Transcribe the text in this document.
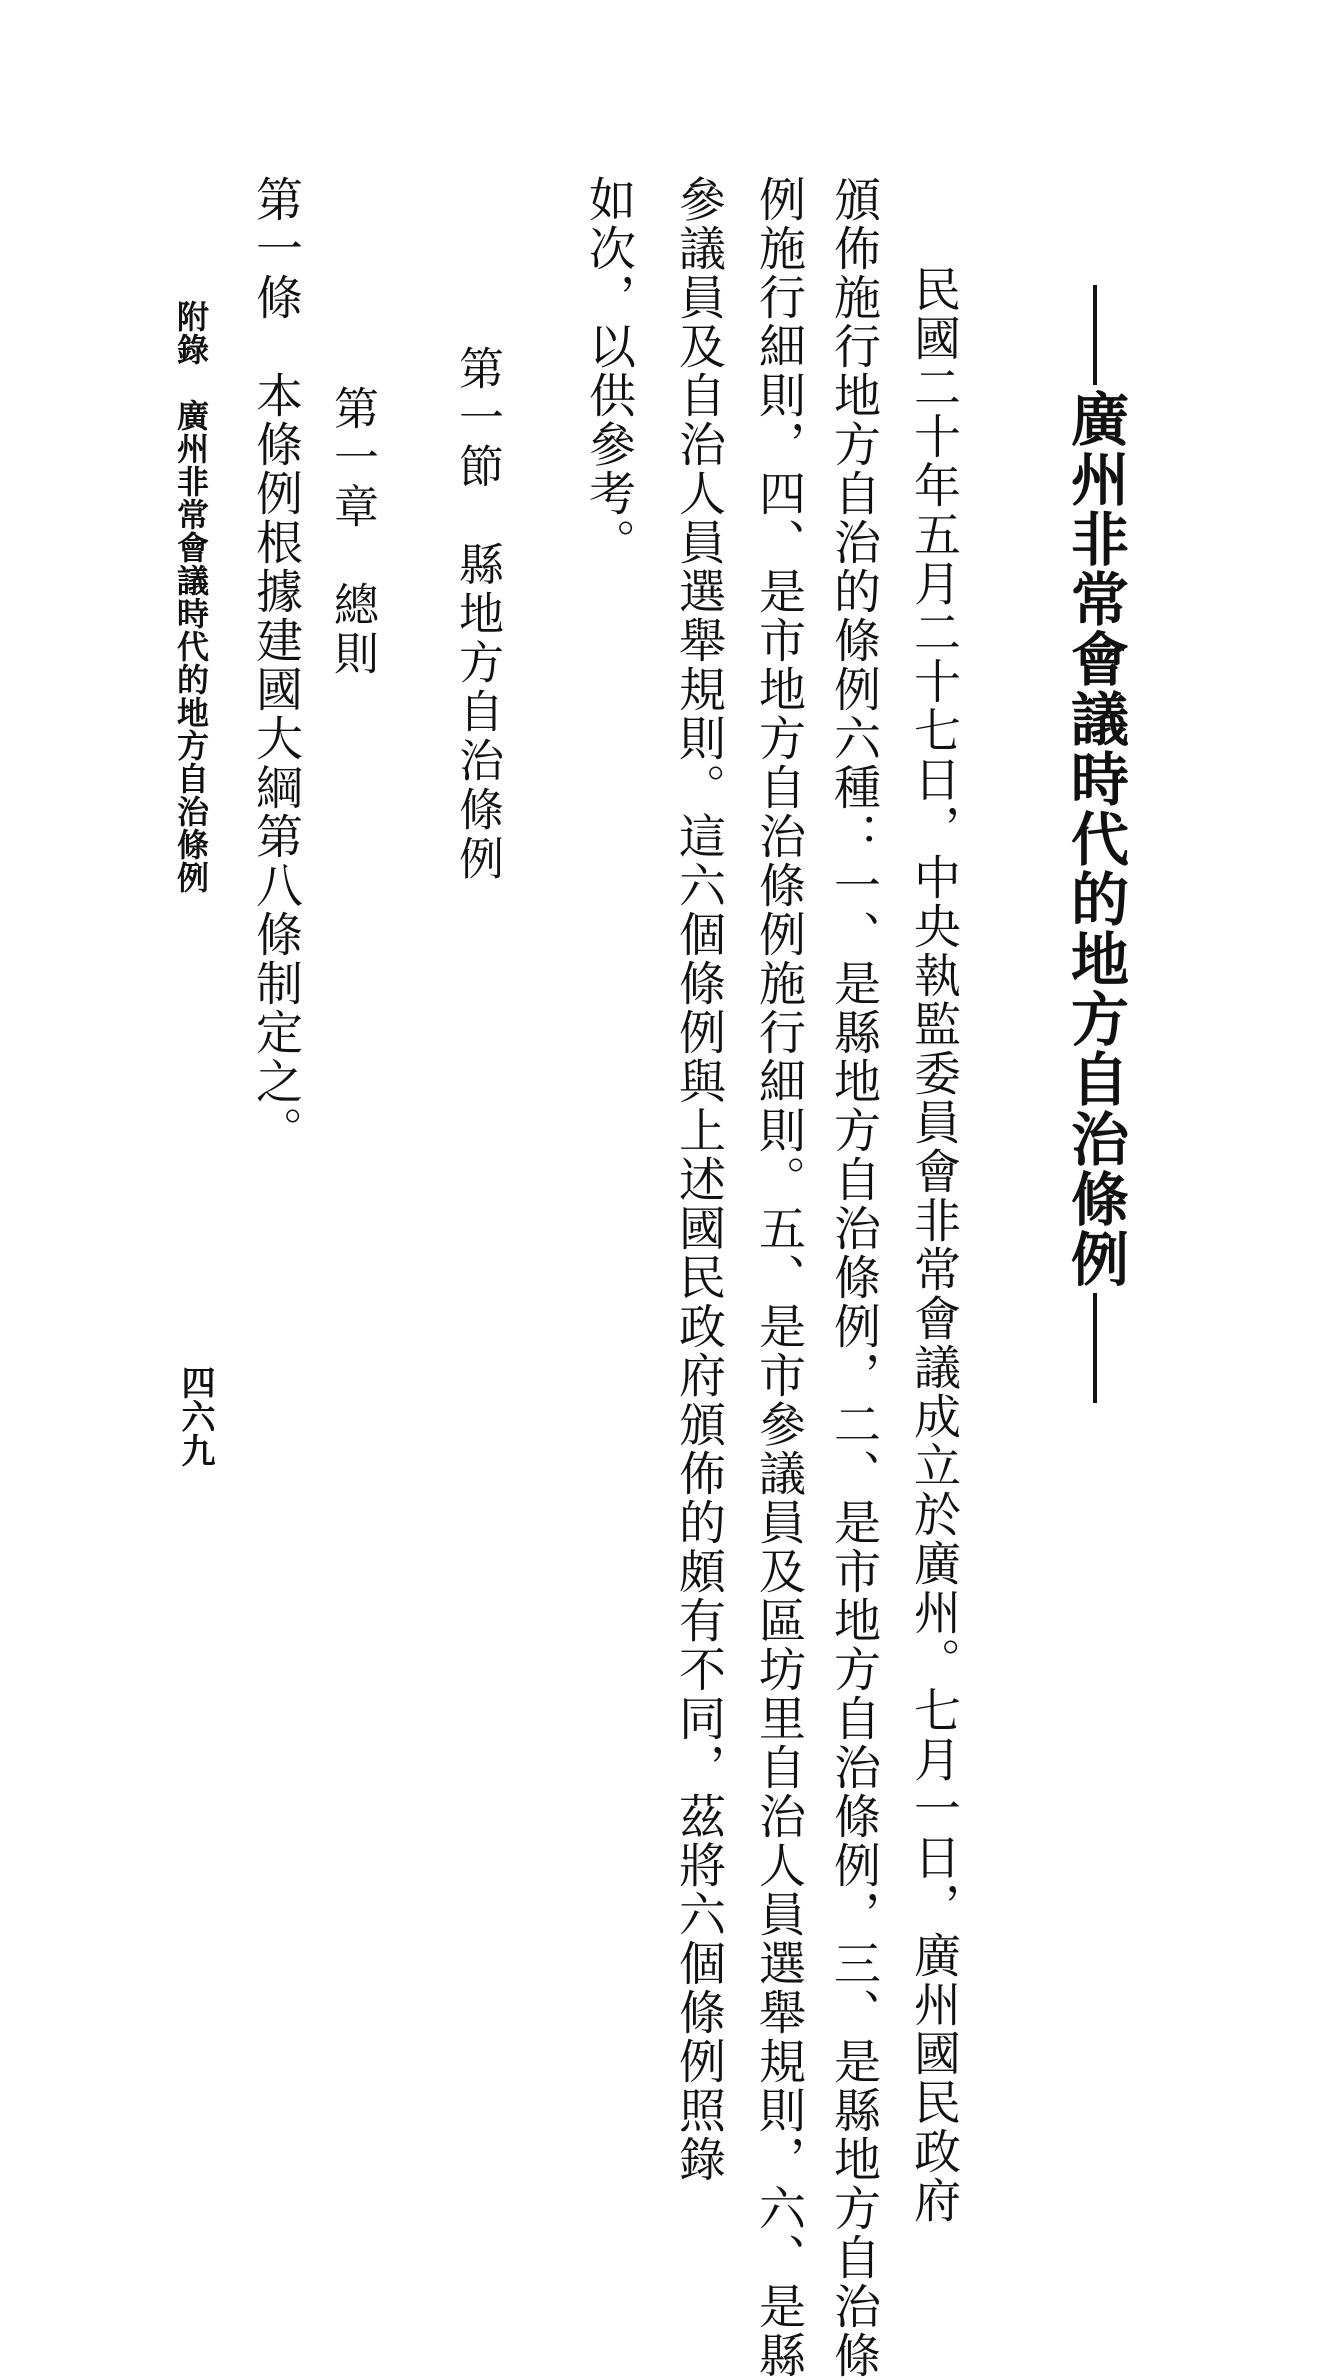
廣州非常會議時代的地方自治條例
民國二十年五月二十七日，中央執監委員會非常會議成立於廣州。七月一日，廣州國民政府
頒佈施行地方自治的條例六種：一、是縣地方自治條例，二、是市地方自治條例，三、是縣地方自治條
例施行細則，四、是市地方自治條例施行細則。五、是市參議員及區坊里自治人員選舉規則，六、是縣
參議員及自治人員選舉規則。這六個條例與上述國民政府頒佈的頗有不同，茲將六個條例照錄
如次，以供參考。
第一節　縣地方自治條例
第一章　總則
第一條　本條例根據建國大綱第八條制定之。
附錄　廣州非常會議時代的地方自治條例
四六九
